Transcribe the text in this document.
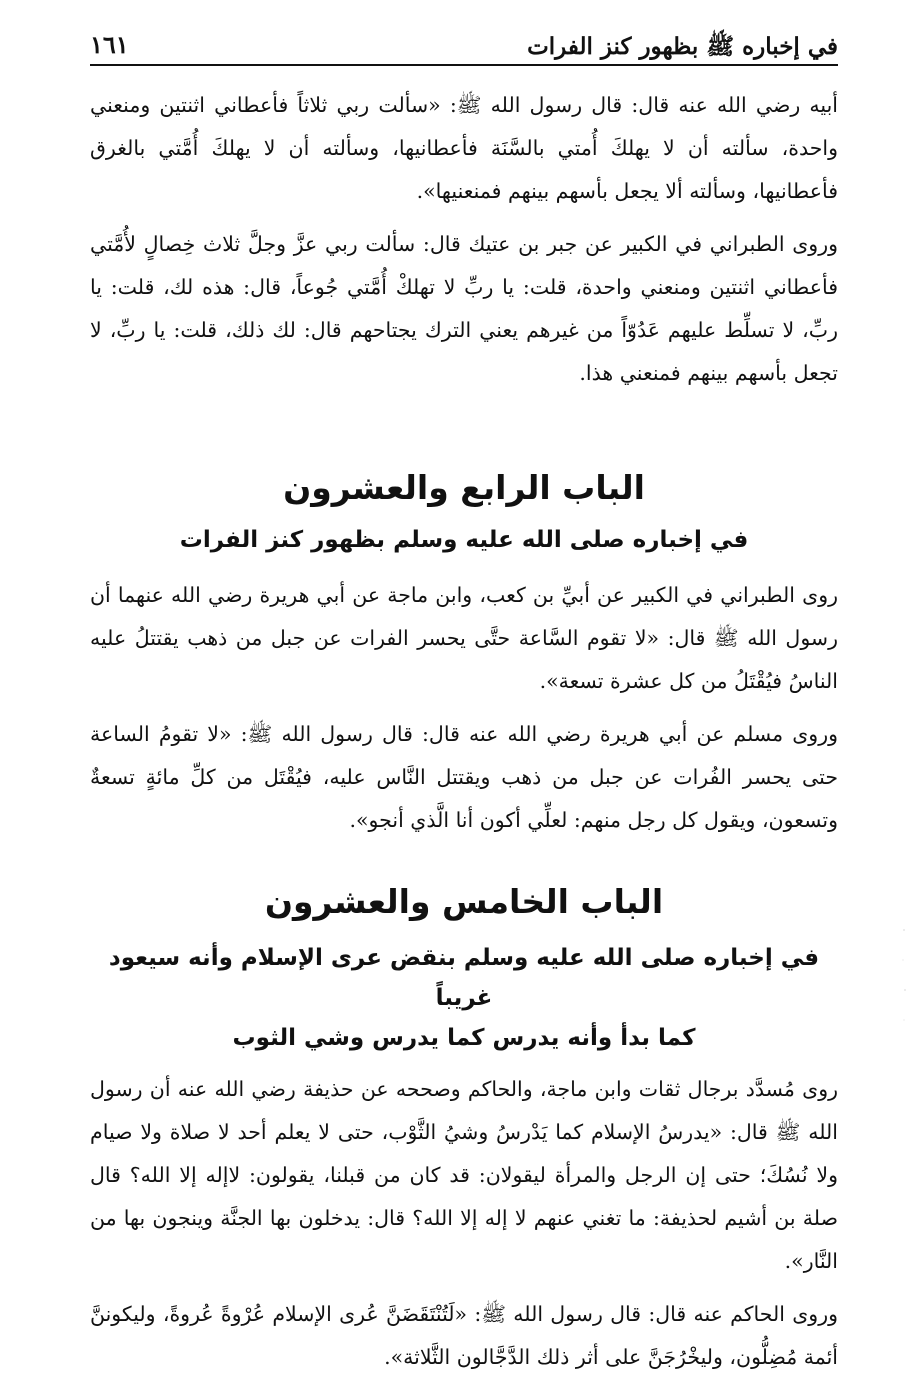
في إخباره ﷺ بظهور كنز الفرات
١٦١

أبيه رضي الله عنه قال: قال رسول الله ﷺ: «سألت ربي ثلاثاً فأعطاني اثنتين ومنعني واحدة، سألته أن لا يهلكَ أُمتي بالسَّنَة فأعطانيها، وسألته أن لا يهلكَ أُمَّتي بالغرق فأعطانيها، وسألته ألا يجعل بأسهم بينهم فمنعنيها».

وروى الطبراني في الكبير عن جبر بن عتيك قال: سألت ربي عزَّ وجلَّ ثلاث خِصالٍ لأُمَّتي فأعطاني اثنتين ومنعني واحدة، قلت: يا ربِّ لا تهلكْ أُمَّتي جُوعاً، قال: هذه لك، قلت: يا ربِّ، لا تسلِّط عليهم عَدُوّاً من غيرهم يعني الترك يجتاحهم قال: لك ذلك، قلت: يا ربِّ، لا تجعل بأسهم بينهم فمنعني هذا.

الباب الرابع والعشرون
في إخباره صلى الله عليه وسلم بظهور كنز الفرات

روى الطبراني في الكبير عن أبيِّ بن كعب، وابن ماجة عن أبي هريرة رضي الله عنهما أن رسول الله ﷺ قال: «لا تقوم السَّاعة حتَّى يحسر الفرات عن جبل من ذهب يقتتلُ عليه الناسُ فيُقْتَلُ من كل عشرة تسعة».

وروى مسلم عن أبي هريرة رضي الله عنه قال: قال رسول الله ﷺ: «لا تقومُ الساعة حتى يحسر الفُرات عن جبل من ذهب ويقتتل النَّاس عليه، فيُقْتَل من كلِّ مائةٍ تسعةٌ وتسعون، ويقول كل رجل منهم: لعلِّي أكون أنا الَّذي أنجو».

الباب الخامس والعشرون
في إخباره صلى الله عليه وسلم بنقض عرى الإسلام وأنه سيعود غريباً
كما بدأ وأنه يدرس كما يدرس وشي الثوب

روى مُسدَّد برجال ثقات وابن ماجة، والحاكم وصححه عن حذيفة رضي الله عنه أن رسول الله ﷺ قال: «يدرسُ الإسلام كما يَدْرسُ وشيُ الثَّوْب، حتى لا يعلم أحد لا صلاة ولا صيام ولا نُسُكَ؛ حتى إن الرجل والمرأة ليقولان: قد كان من قبلنا، يقولون: لاإله إلا الله؟ قال صلة بن أشيم لحذيفة: ما تغني عنهم لا إله إلا الله؟ قال: يدخلون بها الجنَّة وينجون بها من النَّار».

وروى الحاكم عنه قال: قال رسول الله ﷺ: «لَتُنْتَقَضَنَّ عُرى الإسلام عُرْوةً عُروةً، وليكوننَّ أئمة مُضِلُّون، وليخْرُجَنَّ على أثر ذلك الدَّجَّالون الثَّلاثة».
